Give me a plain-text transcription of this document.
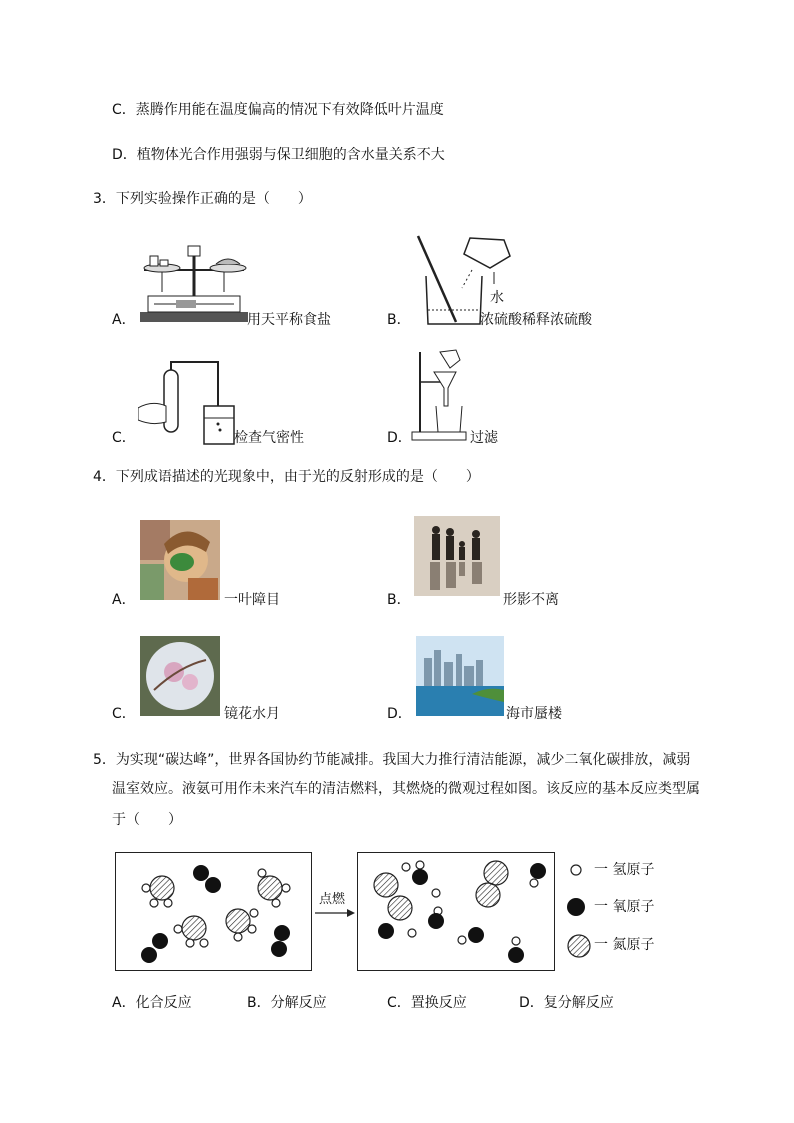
C．蒸腾作用能在温度偏高的情况下有效降低叶片温度
D．植物体光合作用强弱与保卫细胞的含水量关系不大
3．下列实验操作正确的是（　　）
A．	用天平称食盐
水
B．	浓硫酸稀释浓硫酸
C．	检查气密性	D．	过滤
4．下列成语描述的光现象中，由于光的反射形成的是（　　）
A．	一叶障目	B．	形影不离
C．	镜花水月	D．	海市蜃楼
5．为实现“碳达峰”，世界各国协约节能减排。我国大力推行清洁能源，减少二氧化碳排放，减弱
温室效应。液氨可用作未来汽车的清洁燃料，其燃烧的微观过程如图。该反应的基本反应类型属
于（　　）
点燃
一 氢原子
一 氧原子
一 氮原子
A．化合反应	B．分解反应	C．置换反应	D．复分解反应
